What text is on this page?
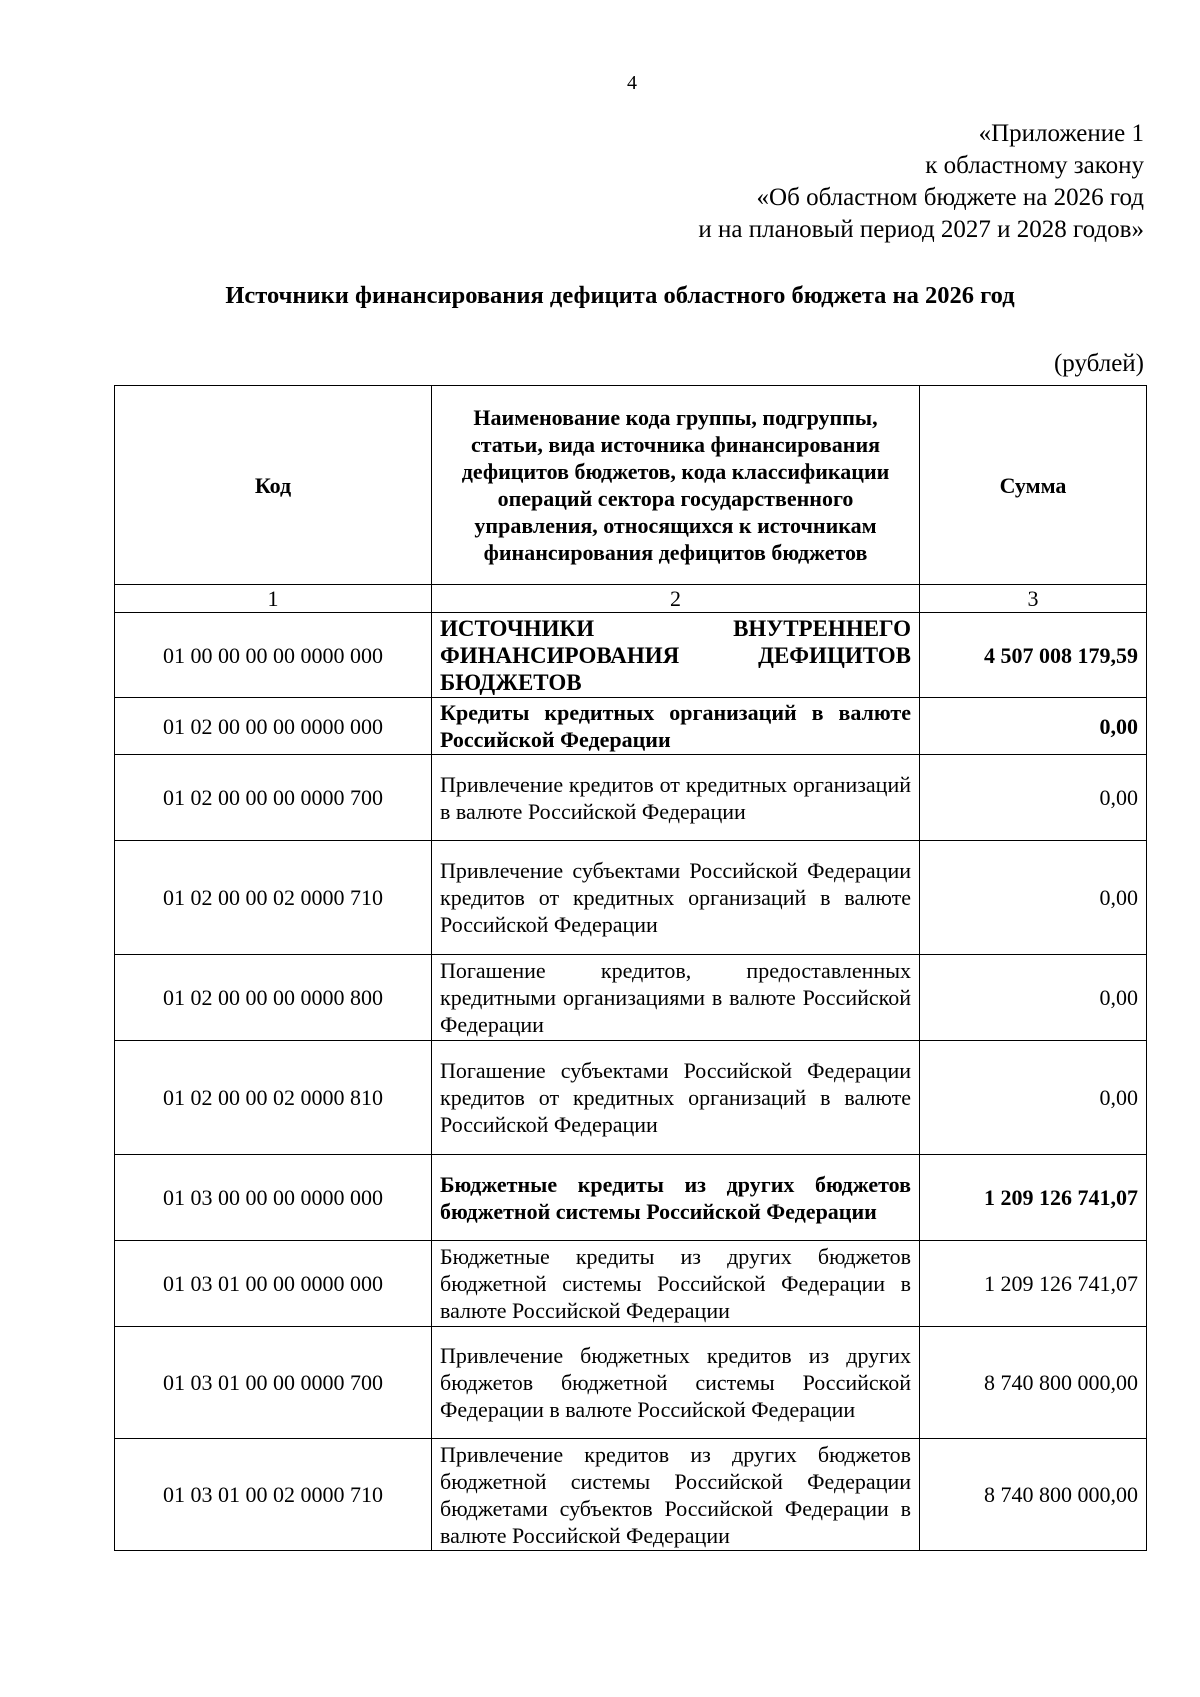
4
«Приложение 1
к областному закону
«Об областном бюджете на 2026 год
и на плановый период 2027 и 2028 годов»
Источники финансирования дефицита областного бюджета на 2026 год
(рублей)
Код	Наименование кода группы, подгруппы, статьи, вида источника финансирования дефицитов бюджетов, кода классификации операций сектора государственного управления, относящихся к источникам финансирования дефицитов бюджетов	Сумма
1	2	3
01 00 00 00 00 0000 000	ИСТОЧНИКИ ВНУТРЕННЕГО ФИНАНСИРОВАНИЯ ДЕФИЦИТОВ БЮДЖЕТОВ	4 507 008 179,59
01 02 00 00 00 0000 000	Кредиты кредитных организаций в валюте Российской Федерации	0,00
01 02 00 00 00 0000 700	Привлечение кредитов от кредитных организаций в валюте Российской Федерации	0,00
01 02 00 00 02 0000 710	Привлечение субъектами Российской Федерации кредитов от кредитных организаций в валюте Российской Федерации	0,00
01 02 00 00 00 0000 800	Погашение кредитов, предоставленных кредитными организациями в валюте Российской Федерации	0,00
01 02 00 00 02 0000 810	Погашение субъектами Российской Федерации кредитов от кредитных организаций в валюте Российской Федерации	0,00
01 03 00 00 00 0000 000	Бюджетные кредиты из других бюджетов бюджетной системы Российской Федерации	1 209 126 741,07
01 03 01 00 00 0000 000	Бюджетные кредиты из других бюджетов бюджетной системы Российской Федерации в валюте Российской Федерации	1 209 126 741,07
01 03 01 00 00 0000 700	Привлечение бюджетных кредитов из других бюджетов бюджетной системы Российской Федерации в валюте Российской Федерации	8 740 800 000,00
01 03 01 00 02 0000 710	Привлечение кредитов из других бюджетов бюджетной системы Российской Федерации бюджетами субъектов Российской Федерации в валюте Российской Федерации	8 740 800 000,00
